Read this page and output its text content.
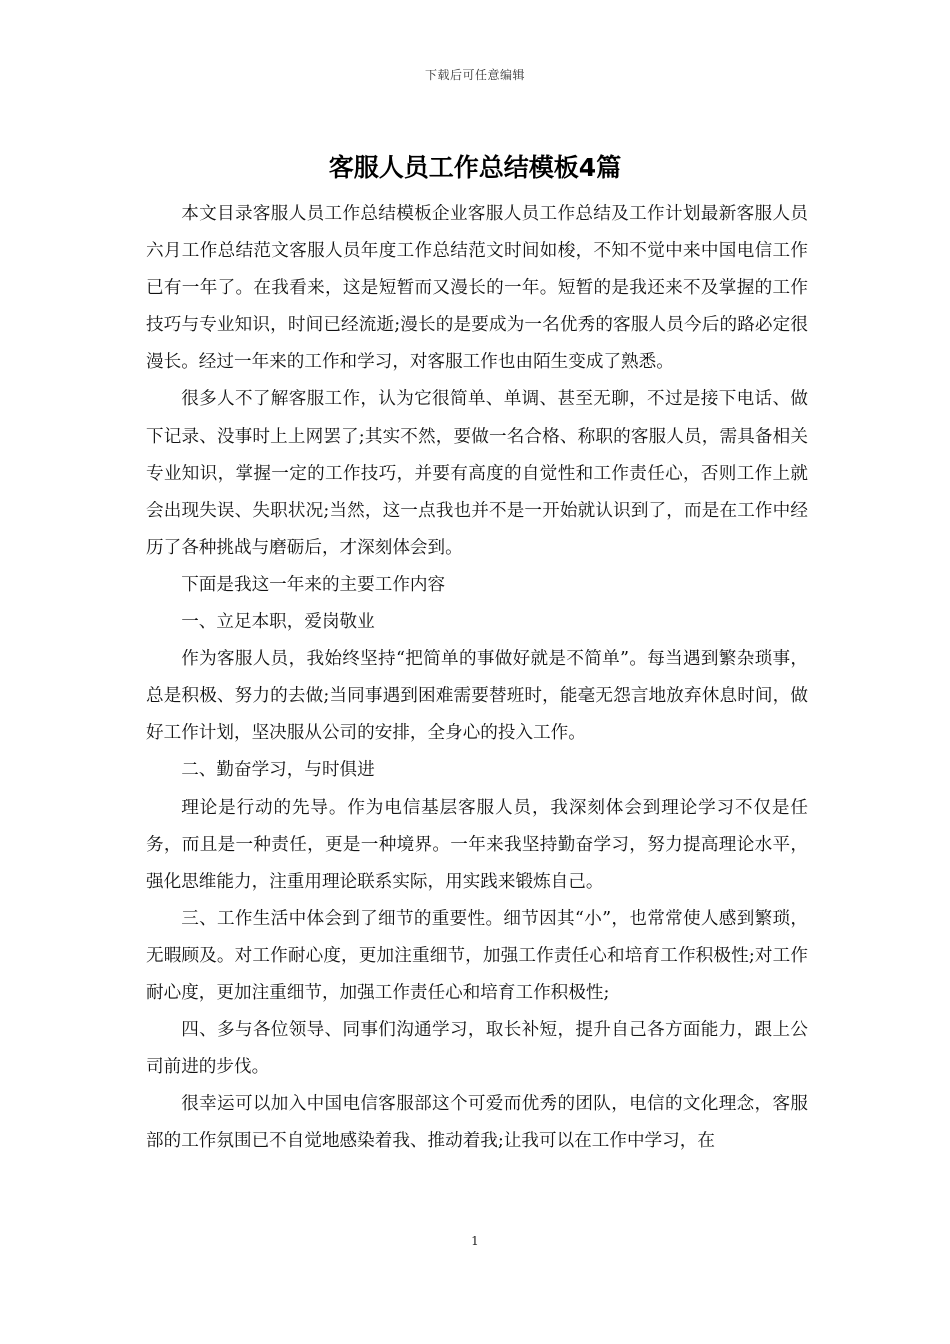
下载后可任意编辑
客服人员工作总结模板4篇

本文目录客服人员工作总结模板企业客服人员工作总结及工作计划最新客服人员六月工作总结范文客服人员年度工作总结范文时间如梭，不知不觉中来中国电信工作已有一年了。在我看来，这是短暂而又漫长的一年。短暂的是我还来不及掌握的工作技巧与专业知识，时间已经流逝;漫长的是要成为一名优秀的客服人员今后的路必定很漫长。经过一年来的工作和学习，对客服工作也由陌生变成了熟悉。

很多人不了解客服工作，认为它很简单、单调、甚至无聊，不过是接下电话、做下记录、没事时上上网罢了;其实不然，要做一名合格、称职的客服人员，需具备相关专业知识，掌握一定的工作技巧，并要有高度的自觉性和工作责任心，否则工作上就会出现失误、失职状况;当然，这一点我也并不是一开始就认识到了，而是在工作中经历了各种挑战与磨砺后，才深刻体会到。

下面是我这一年来的主要工作内容

一、立足本职，爱岗敬业

作为客服人员，我始终坚持“把简单的事做好就是不简单”。每当遇到繁杂琐事，总是积极、努力的去做;当同事遇到困难需要替班时，能毫无怨言地放弃休息时间，做好工作计划，坚决服从公司的安排，全身心的投入工作。

二、勤奋学习，与时俱进

理论是行动的先导。作为电信基层客服人员，我深刻体会到理论学习不仅是任务，而且是一种责任，更是一种境界。一年来我坚持勤奋学习，努力提高理论水平，强化思维能力，注重用理论联系实际，用实践来锻炼自己。

三、工作生活中体会到了细节的重要性。细节因其“小”，也常常使人感到繁琐，无暇顾及。对工作耐心度，更加注重细节，加强工作责任心和培育工作积极性;对工作耐心度，更加注重细节，加强工作责任心和培育工作积极性;

四、多与各位领导、同事们沟通学习，取长补短，提升自己各方面能力，跟上公司前进的步伐。

很幸运可以加入中国电信客服部这个可爱而优秀的团队，电信的文化理念，客服部的工作氛围已不自觉地感染着我、推动着我;让我可以在工作中学习，在

1
